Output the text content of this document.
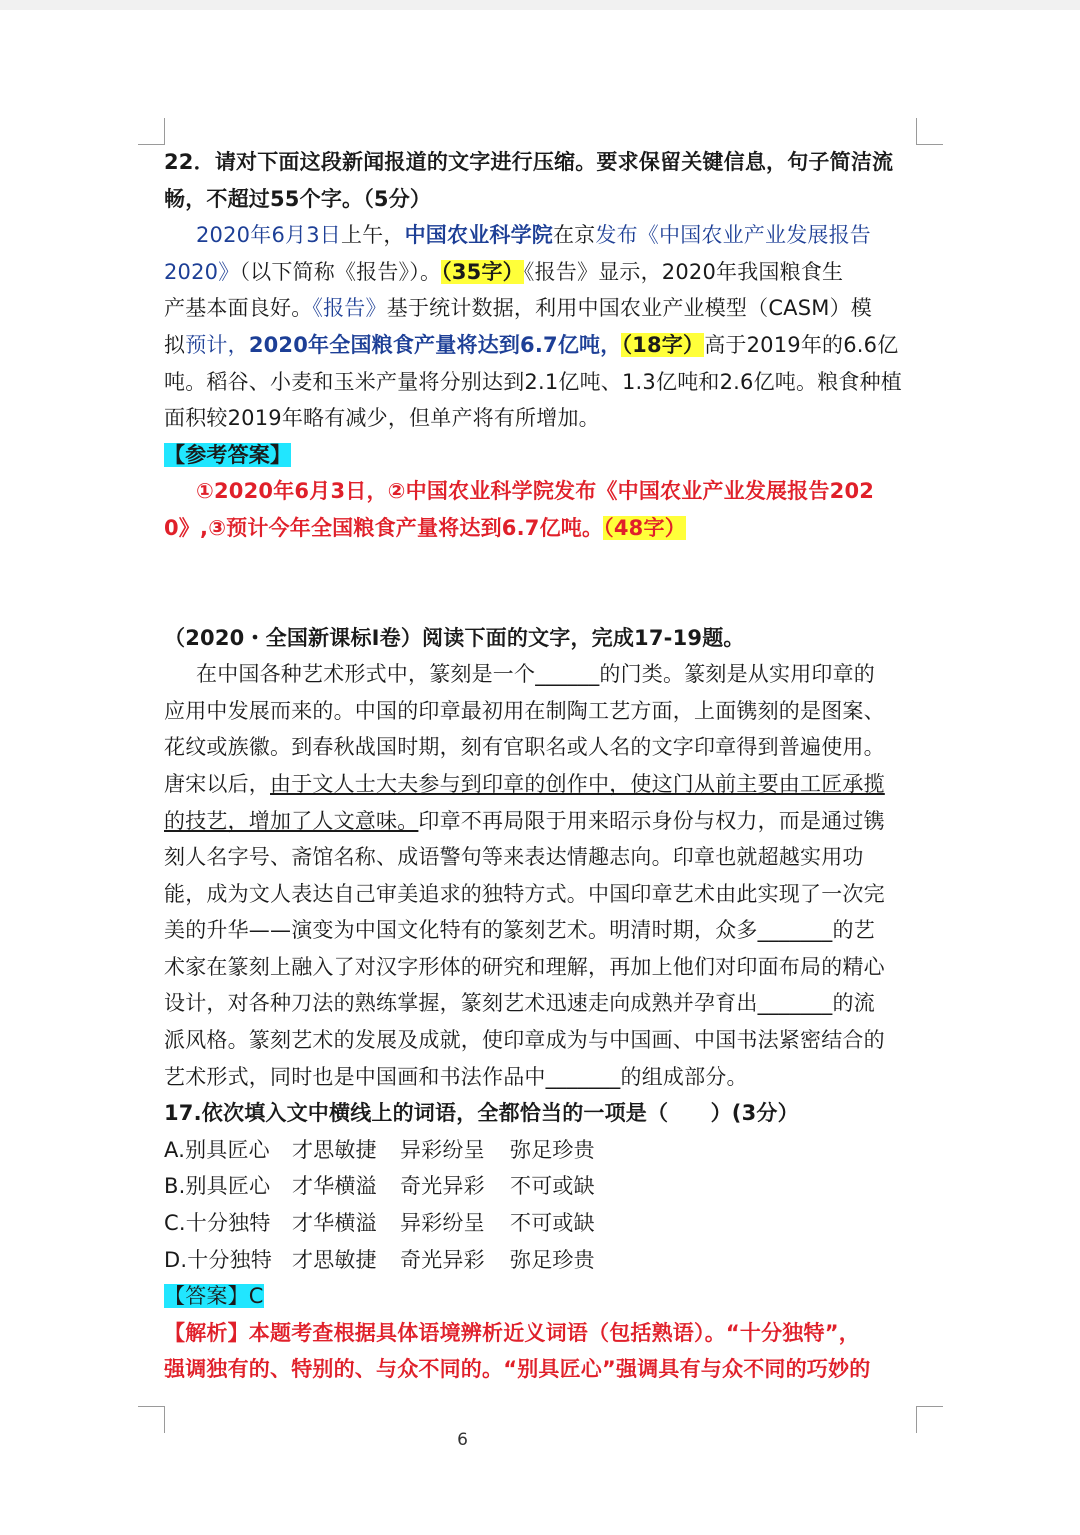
22．请对下面这段新闻报道的文字进行压缩。要求保留关键信息，句子简洁流
畅，不超过55个字。（5分）
2020年6月3日上午，中国农业科学院在京发布《中国农业产业发展报告
2020》（以下简称《报告》）。（35字）《报告》显示，2020年我国粮食生
产基本面良好。《报告》基于统计数据，利用中国农业产业模型（CASM）模
拟预计，2020年全国粮食产量将达到6.7亿吨，（18字）高于2019年的6.6亿
吨。稻谷、小麦和玉米产量将分别达到2.1亿吨、1.3亿吨和2.6亿吨。粮食种植
面积较2019年略有减少，但单产将有所增加。
【参考答案】
①2020年6月3日，②中国农业科学院发布《中国农业产业发展报告202
0》,③预计今年全国粮食产量将达到6.7亿吨。（48字）
（2020・全国新课标Ⅰ卷）阅读下面的文字，完成17-19题。
在中国各种艺术形式中，篆刻是一个______的门类。篆刻是从实用印章的
应用中发展而来的。中国的印章最初用在制陶工艺方面，上面镌刻的是图案、
花纹或族徽。到春秋战国时期，刻有官职名或人名的文字印章得到普遍使用。
唐宋以后，由于文人士大夫参与到印章的创作中，使这门从前主要由工匠承揽
的技艺，增加了人文意味。印章不再局限于用来昭示身份与权力，而是通过镌
刻人名字号、斋馆名称、成语警句等来表达情趣志向。印章也就超越实用功
能，成为文人表达自己审美追求的独特方式。中国印章艺术由此实现了一次完
美的升华——演变为中国文化特有的篆刻艺术。明清时期，众多_______的艺
术家在篆刻上融入了对汉字形体的研究和理解，再加上他们对印面布局的精心
设计，对各种刀法的熟练掌握，篆刻艺术迅速走向成熟并孕育出_______的流
派风格。篆刻艺术的发展及成就，使印章成为与中国画、中国书法紧密结合的
艺术形式，同时也是中国画和书法作品中_______的组成部分。
17.依次填入文中横线上的词语，全都恰当的一项是（　　）(3分）
A.别具匠心 才思敏捷 异彩纷呈 弥足珍贵
B.别具匠心 才华横溢 奇光异彩 不可或缺
C.十分独特 才华横溢 异彩纷呈 不可或缺
D.十分独特 才思敏捷 奇光异彩 弥足珍贵
【答案】C
【解析】本题考查根据具体语境辨析近义词语（包括熟语）。“十分独特”，
强调独有的、特别的、与众不同的。“别具匠心”强调具有与众不同的巧妙的
6
